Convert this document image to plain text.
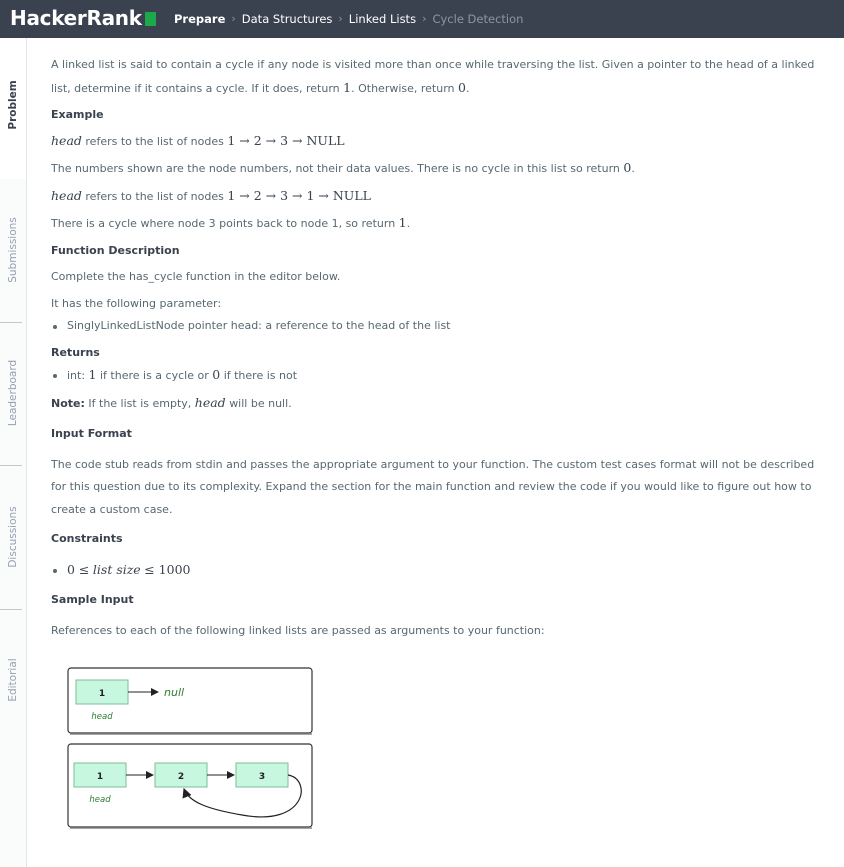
HackerRank	Prepare › Data Structures › Linked Lists › Cycle Detection
Problem
Submissions
Leaderboard
Discussions
Editorial

A linked list is said to contain a cycle if any node is visited more than once while traversing the list. Given a pointer to the head of a linked list, determine if it contains a cycle. If it does, return 1. Otherwise, return 0.

Example

head refers to the list of nodes 1 → 2 → 3 → NULL

The numbers shown are the node numbers, not their data values. There is no cycle in this list so return 0.

head refers to the list of nodes 1 → 2 → 3 → 1 → NULL

There is a cycle where node 3 points back to node 1, so return 1.

Function Description

Complete the has_cycle function in the editor below.

It has the following parameter:

SinglyLinkedListNode pointer head: a reference to the head of the list

Returns

int: 1 if there is a cycle or 0 if there is not

Note: If the list is empty, head will be null.

Input Format

The code stub reads from stdin and passes the appropriate argument to your function. The custom test cases format will not be described for this question due to its complexity. Expand the section for the main function and review the code if you would like to figure out how to create a custom case.

Constraints

0 ≤ list size ≤ 1000

Sample Input

References to each of the following linked lists are passed as arguments to your function:

1	null
head
1	2	3
head
